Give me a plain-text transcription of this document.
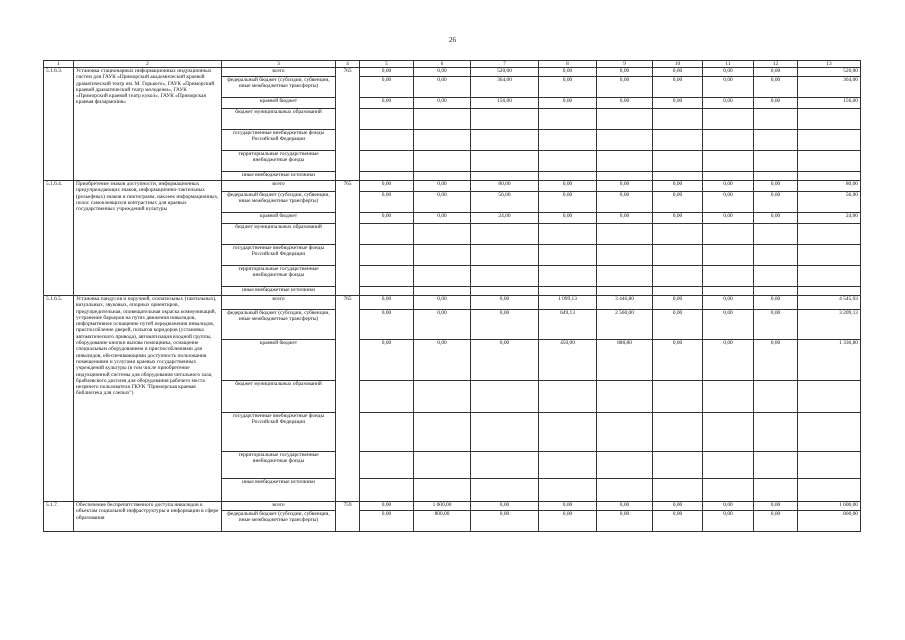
26
1	2	3	4	5	6	7	8	9	10	11	12	13
5.1.6.3.	Установка стационарных информационных индукционных систем для ГАУК «Приморский академический краевой драматический театр им. М. Горького», ГАУК «Приморский краевой драматический театр молодежи», ГАУК «Приморский краевой театр кукол», ГАУК «Приморская краевая филармония»	всего	765	0,00	0,00	520,00	0,00	0,00	0,00	0,00	0,00	520,00
		федеральный бюджет (субсидии, субвенции, иные межбюджетные трансферты)		0,00	0,00	364,00	0,00	0,00	0,00	0,00	0,00	364,00
		краевой бюджет		0,00	0,00	156,00	0,00	0,00	0,00	0,00	0,00	156,00
		бюджет муниципальных образований										
		государственные внебюджетные фонды Российской Федерации										
		территориальные государственные внебюджетные фонды										
		иные внебюджетные источники										
5.1.6.4.	Приобретение знаков доступности, информационных предупреждающих знаков, информационно-тактильных (рельефных) знаков и пиктограмм, наклеек информационных, полос самоклеящихся контрастных для краевых государственных учреждений культуры	всего	765	0,00	0,00	80,00	0,00	0,00	0,00	0,00	0,00	80,00
		федеральный бюджет (субсидии, субвенции, иные межбюджетные трансферты)		0,00	0,00	56,00	0,00	0,00	0,00	0,00	0,00	56,00
		краевой бюджет		0,00	0,00	24,00	0,00	0,00	0,00	0,00	0,00	24,00
		бюджет муниципальных образований										
		государственные внебюджетные фонды Российской Федерации										
		территориальные государственные внебюджетные фонды										
		иные внебюджетные источники										
5.1.6.5.	Установка пандусов и поручней, осязательных (тактильных), визуальных, звуковых, опорных ориентиров, предупредительная, оповещательная окраска коммуникаций, устранение барьеров на путях движения инвалидов, информативное оснащение путей передвижения инвалидов, приспособление дверей, полыгов коридоров (установка автоматического привода), автоматизация входной группы, оборудование кнопки вызова помощника, оснащение специальным оборудованием и приспособлениями для инвалидов, обеспечивающими доступность пользования помещениями и услугами краевых государственных учреждений культуры (в том числе приобретение индукционной системы для оборудования читального зала, брайлевского дисплея для оборудования рабочего места незрячего пользователя ГКУК "Приморская краевая библиотека для слепых")	всего	765	0,00	0,00	0,00	1 099,13	3 446,80	0,00	0,00	0,00	4 545,93
		федеральный бюджет (субсидии, субвенции, иные межбюджетные трансферты)		0,00	0,00	0,00	649,13	2 560,00	0,00	0,00	0,00	3 209,13
		краевой бюджет		0,00	0,00	0,00	450,00	886,80	0,00	0,00	0,00	1 336,80
		бюджет муниципальных образований										
		государственные внебюджетные фонды Российской Федерации										
		территориальные государственные внебюджетные фонды										
		иные внебюджетные источники										
5.1.7.	Обеспечение беспрепятственного доступа инвалидов к объектам социальной инфраструктуры и информации в сфере образования	всего	759	0,00	1 600,00	0,00	0,00	0,00	0,00	0,00	0,00	1 600,00
		федеральный бюджет (субсидии, субвенции, иные межбюджетные трансферты)		0,00	800,00	0,00	0,00	0,00	0,00	0,00	0,00	800,00
